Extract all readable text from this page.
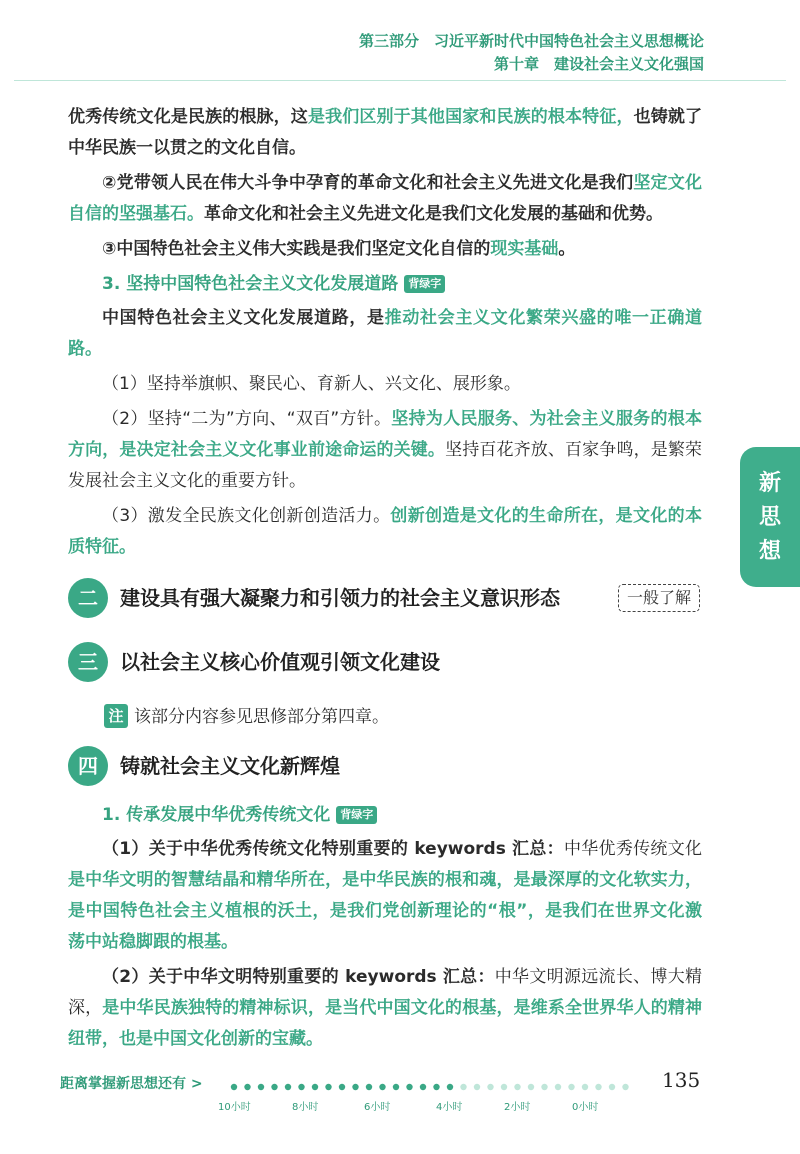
第三部分　习近平新时代中国特色社会主义思想概论
第十章　建设社会主义文化强国

优秀传统文化是民族的根脉，这是我们区别于其他国家和民族的根本特征，也铸就了中华民族一以贯之的文化自信。

②党带领人民在伟大斗争中孕育的革命文化和社会主义先进文化是我们坚定文化自信的坚强基石。革命文化和社会主义先进文化是我们文化发展的基础和优势。

③中国特色社会主义伟大实践是我们坚定文化自信的现实基础。

3. 坚持中国特色社会主义文化发展道路 背绿字

中国特色社会主义文化发展道路，是推动社会主义文化繁荣兴盛的唯一正确道路。

（1）坚持举旗帜、聚民心、育新人、兴文化、展形象。

（2）坚持“二为”方向、“双百”方针。坚持为人民服务、为社会主义服务的根本方向，是决定社会主义文化事业前途命运的关键。坚持百花齐放、百家争鸣，是繁荣发展社会主义文化的重要方针。

（3）激发全民族文化创新创造活力。创新创造是文化的生命所在，是文化的本质特征。

二	建设具有强大凝聚力和引领力的社会主义意识形态	一般了解
三	以社会主义核心价值观引领文化建设
注 该部分内容参见思修部分第四章。
四	铸就社会主义文化新辉煌
1. 传承发展中华优秀传统文化 背绿字

（1）关于中华优秀传统文化特别重要的 keywords 汇总：中华优秀传统文化是中华文明的智慧结晶和精华所在，是中华民族的根和魂，是最深厚的文化软实力，是中国特色社会主义植根的沃土，是我们党创新理论的“根”，是我们在世界文化激荡中站稳脚跟的根基。

（2）关于中华文明特别重要的 keywords 汇总：中华文明源远流长、博大精深，是中华民族独特的精神标识，是当代中国文化的根基，是维系全世界华人的精神纽带，也是中国文化创新的宝藏。

新
思
想
距离掌握新思想还有 >	135
10小时	8小时	6小时	4小时	2小时	0小时
